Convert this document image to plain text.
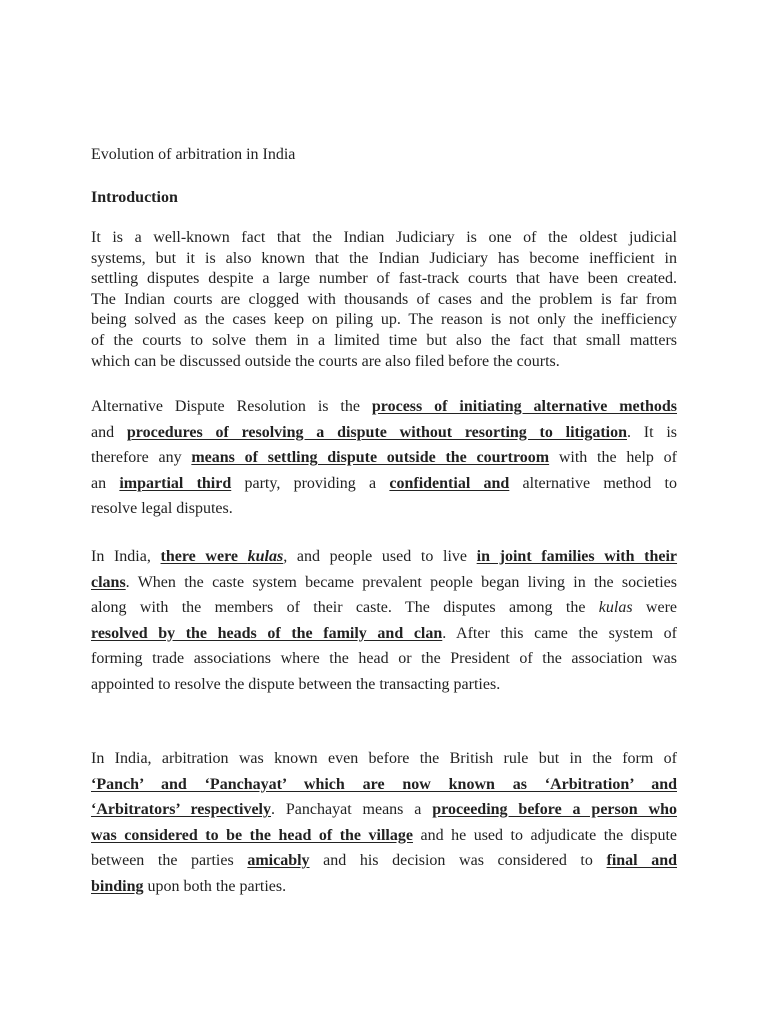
Evolution of arbitration in India
Introduction

It is a well-known fact that the Indian Judiciary is one of the oldest judicial
systems, but it is also known that the Indian Judiciary has become inefficient in
settling disputes despite a large number of fast-track courts that have been created.
The Indian courts are clogged with thousands of cases and the problem is far from
being solved as the cases keep on piling up. The reason is not only the inefficiency
of the courts to solve them in a limited time but also the fact that small matters
which can be discussed outside the courts are also filed before the courts.

Alternative Dispute Resolution is the process of initiating alternative methods
and procedures of resolving a dispute without resorting to litigation. It is
therefore any means of settling dispute outside the courtroom with the help of
an impartial third party, providing a confidential and alternative method to
resolve legal disputes.

In India, there were kulas, and people used to live in joint families with their
clans. When the caste system became prevalent people began living in the societies
along with the members of their caste. The disputes among the kulas were
resolved by the heads of the family and clan. After this came the system of
forming trade associations where the head or the President of the association was
appointed to resolve the dispute between the transacting parties.

In India, arbitration was known even before the British rule but in the form of
‘Panch’ and ‘Panchayat’ which are now known as ‘Arbitration’ and
‘Arbitrators’ respectively. Panchayat means a proceeding before a person who
was considered to be the head of the village and he used to adjudicate the dispute
between the parties amicably and his decision was considered to final and
binding upon both the parties.
